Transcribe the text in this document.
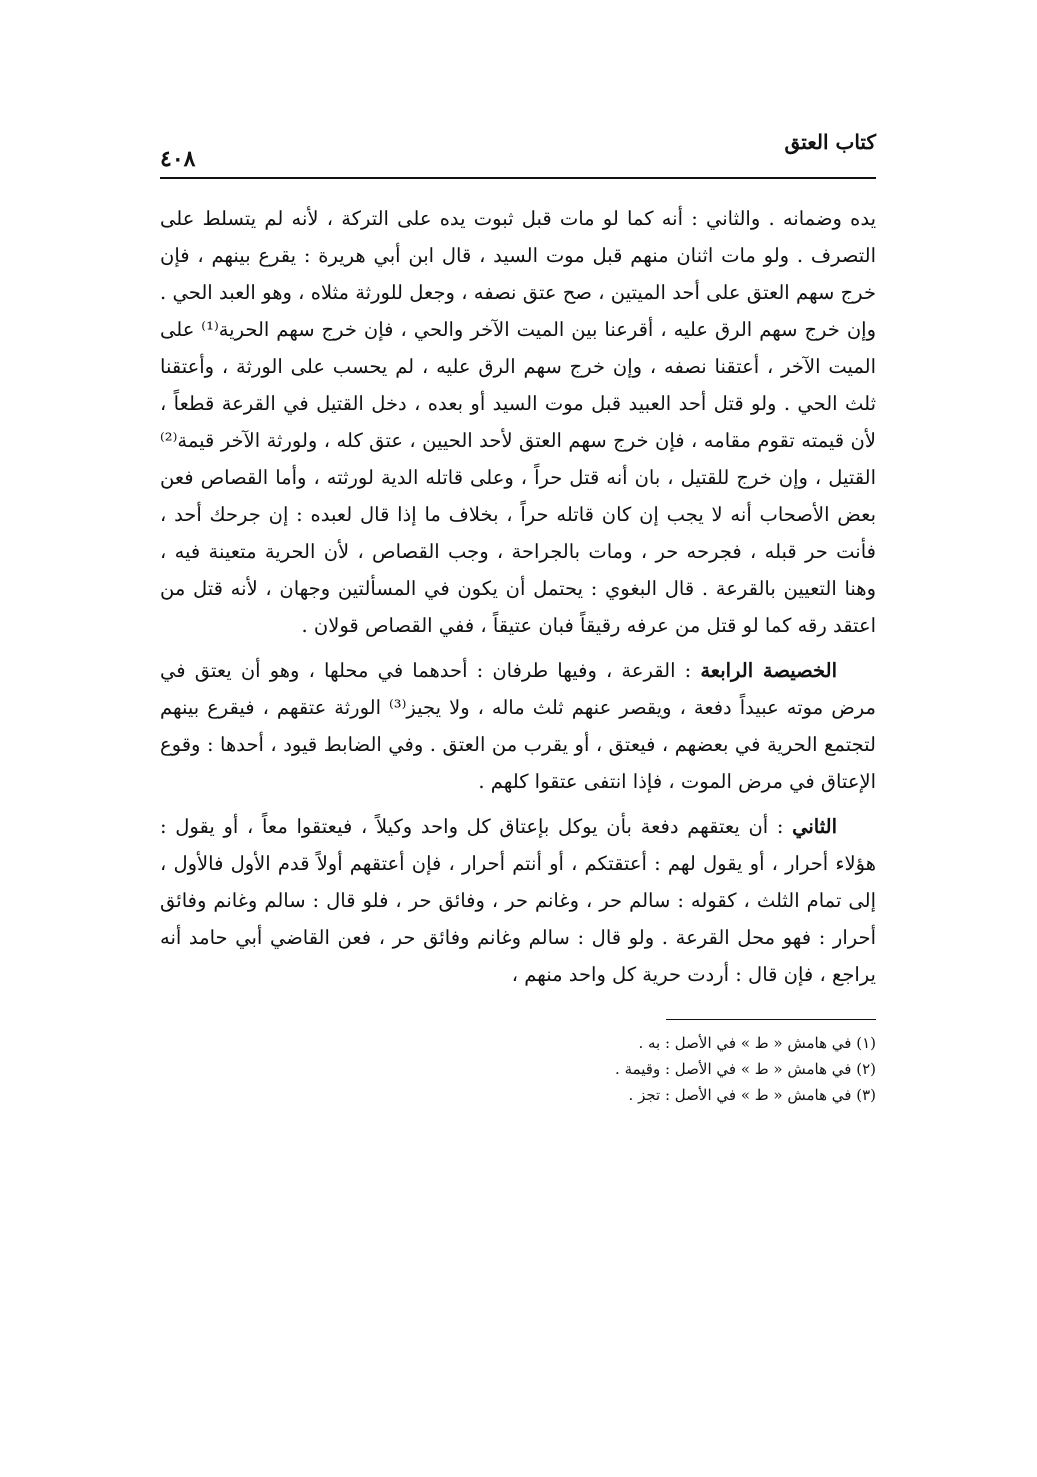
كتاب العتق
٤٠٨

يده وضمانه . والثاني : أنه كما لو مات قبل ثبوت يده على التركة ، لأنه لم يتسلط على التصرف . ولو مات اثنان منهم قبل موت السيد ، قال ابن أبي هريرة : يقرع بينهم ، فإن خرج سهم العتق على أحد الميتين ، صح عتق نصفه ، وجعل للورثة مثلاه ، وهو العبد الحي . وإن خرج سهم الرق عليه ، أقرعنا بين الميت الآخر والحي ، فإن خرج سهم الحرية⁽¹⁾ على الميت الآخر ، أعتقنا نصفه ، وإن خرج سهم الرق عليه ، لم يحسب على الورثة ، وأعتقنا ثلث الحي . ولو قتل أحد العبيد قبل موت السيد أو بعده ، دخل القتيل في القرعة قطعاً ، لأن قيمته تقوم مقامه ، فإن خرج سهم العتق لأحد الحيين ، عتق كله ، ولورثة الآخر قيمة⁽²⁾ القتيل ، وإن خرج للقتيل ، بان أنه قتل حراً ، وعلى قاتله الدية لورثته ، وأما القصاص فعن بعض الأصحاب أنه لا يجب إن كان قاتله حراً ، بخلاف ما إذا قال لعبده : إن جرحك أحد ، فأنت حر قبله ، فجرحه حر ، ومات بالجراحة ، وجب القصاص ، لأن الحرية متعينة فيه ، وهنا التعيين بالقرعة . قال البغوي : يحتمل أن يكون في المسألتين وجهان ، لأنه قتل من اعتقد رقه كما لو قتل من عرفه رقيقاً فبان عتيقاً ، ففي القصاص قولان .

الخصيصة الرابعة : القرعة ، وفيها طرفان : أحدهما في محلها ، وهو أن يعتق في مرض موته عبيداً دفعة ، ويقصر عنهم ثلث ماله ، ولا يجيز⁽³⁾ الورثة عتقهم ، فيقرع بينهم لتجتمع الحرية في بعضهم ، فيعتق ، أو يقرب من العتق . وفي الضابط قيود ، أحدها : وقوع الإعتاق في مرض الموت ، فإذا انتفى عتقوا كلهم .

الثاني : أن يعتقهم دفعة بأن يوكل بإعتاق كل واحد وكيلاً ، فيعتقوا معاً ، أو يقول : هؤلاء أحرار ، أو يقول لهم : أعتقتكم ، أو أنتم أحرار ، فإن أعتقهم أولاً قدم الأول فالأول ، إلى تمام الثلث ، كقوله : سالم حر ، وغانم حر ، وفائق حر ، فلو قال : سالم وغانم وفائق أحرار : فهو محل القرعة . ولو قال : سالم وغانم وفائق حر ، فعن القاضي أبي حامد أنه يراجع ، فإن قال : أردت حرية كل واحد منهم ،

(١) في هامش « ط » في الأصل : به .
(٢) في هامش « ط » في الأصل : وقيمة .
(٣) في هامش « ط » في الأصل : تجز .
